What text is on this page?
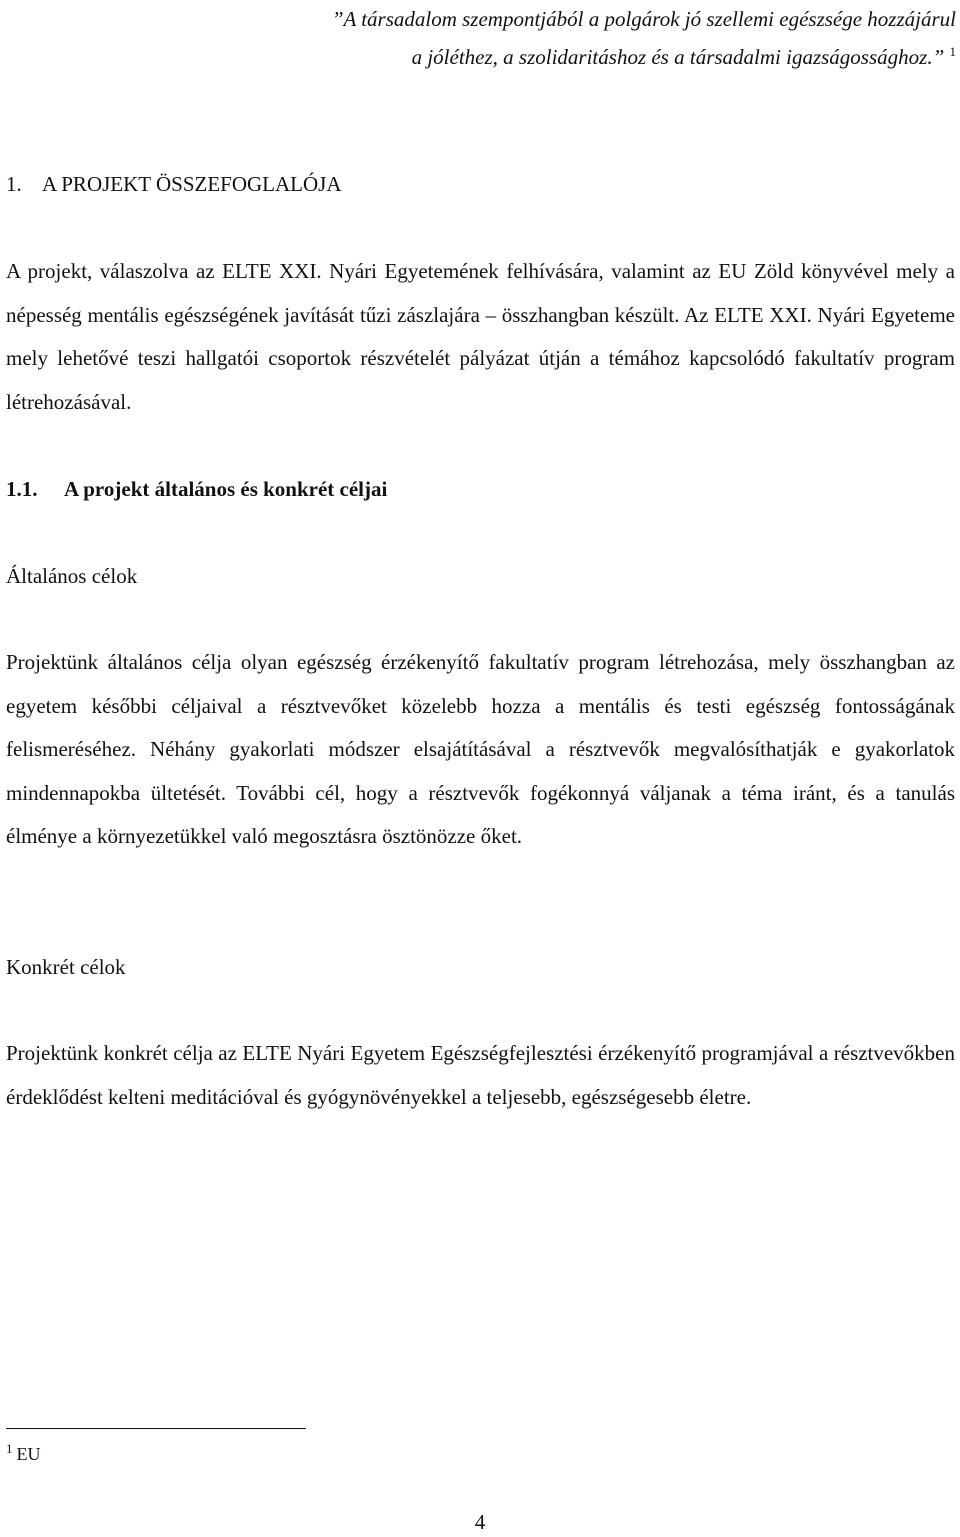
”A társadalom szempontjából a polgárok jó szellemi egészsége hozzájárul
a jóléthez, a szolidaritáshoz és a társadalmi igazságossághoz.” $^1$
1. A PROJEKT ÖSSZEFOGLALÓJA
A projekt, válaszolva az ELTE XXI. Nyári Egyetemének felhívására, valamint az EU Zöld könyvével mely a népesség mentális egészségének javítását tűzi zászlajára – összhangban készült. Az ELTE XXI. Nyári Egyeteme mely lehetővé teszi hallgatói csoportok részvételét pályázat útján a témához kapcsolódó fakultatív program létrehozásával.
1.1. A projekt általános és konkrét céljai
Általános célok
Projektünk általános célja olyan egészség érzékenyítő fakultatív program létrehozása, mely összhangban az egyetem későbbi céljaival a résztvevőket közelebb hozza a mentális és testi egészség fontosságának felismeréséhez. Néhány gyakorlati módszer elsajátításával a résztvevők megvalósíthatják e gyakorlatok mindennapokba ültetését. További cél, hogy a résztvevők fogékonnyá váljanak a téma iránt, és a tanulás élménye a környezetükkel való megosztásra ösztönözze őket.
Konkrét célok
Projektünk konkrét célja az ELTE Nyári Egyetem Egészségfejlesztési érzékenyítő programjával a résztvevőkben érdeklődést kelteni meditációval és gyógynövényekkel a teljesebb, egészségesebb életre.
$^1$ EU
4
